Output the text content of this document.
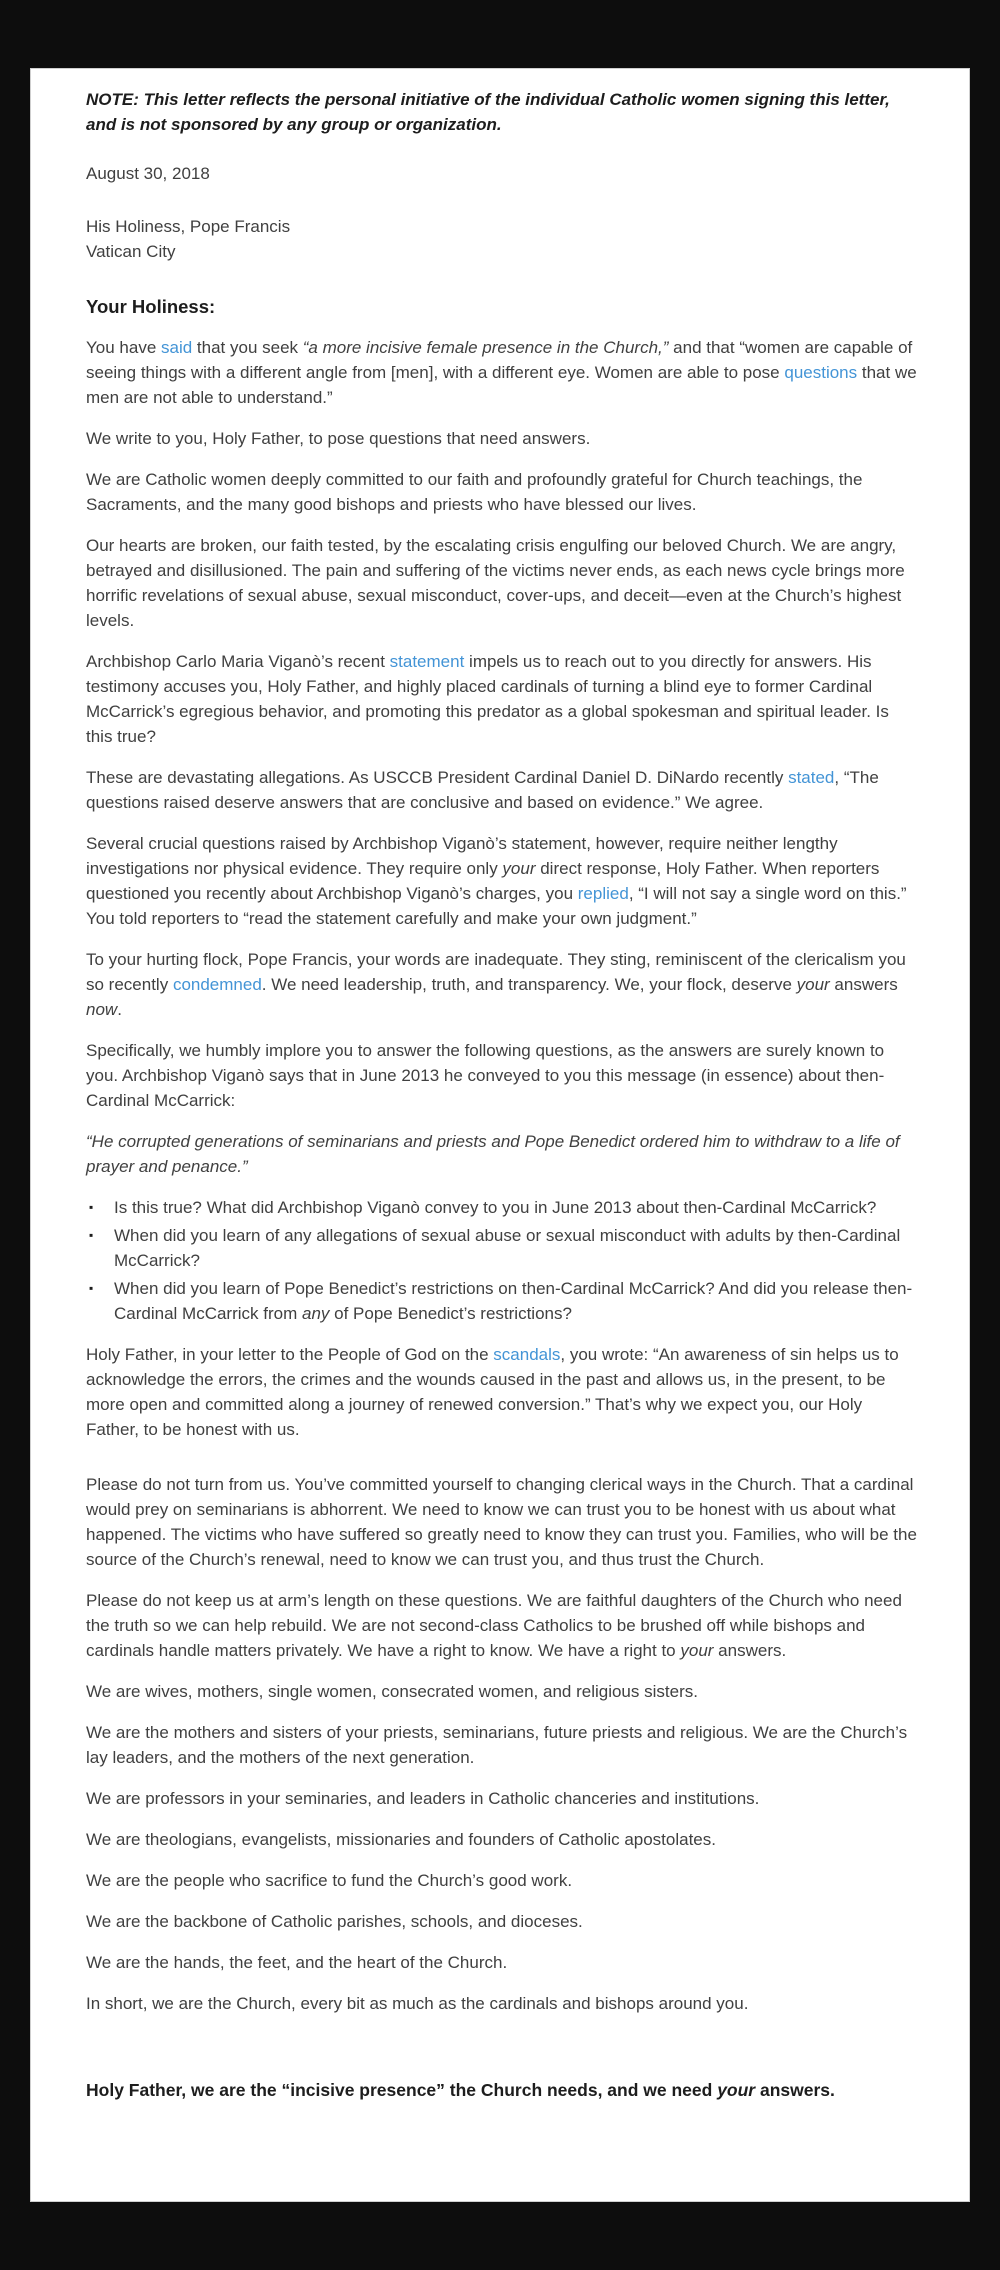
NOTE: This letter reflects the personal initiative of the individual Catholic women signing this letter, and is not sponsored by any group or organization.

August 30, 2018

His Holiness, Pope Francis
Vatican City

Your Holiness:

You have said that you seek “a more incisive female presence in the Church,” and that “women are capable of seeing things with a different angle from [men], with a different eye. Women are able to pose questions that we men are not able to understand.”

We write to you, Holy Father, to pose questions that need answers.

We are Catholic women deeply committed to our faith and profoundly grateful for Church teachings, the Sacraments, and the many good bishops and priests who have blessed our lives.

Our hearts are broken, our faith tested, by the escalating crisis engulfing our beloved Church. We are angry, betrayed and disillusioned. The pain and suffering of the victims never ends, as each news cycle brings more horrific revelations of sexual abuse, sexual misconduct, cover-ups, and deceit—even at the Church’s highest levels.

Archbishop Carlo Maria Viganò’s recent statement impels us to reach out to you directly for answers. His testimony accuses you, Holy Father, and highly placed cardinals of turning a blind eye to former Cardinal McCarrick’s egregious behavior, and promoting this predator as a global spokesman and spiritual leader. Is this true?

These are devastating allegations. As USCCB President Cardinal Daniel D. DiNardo recently stated, “The questions raised deserve answers that are conclusive and based on evidence.” We agree.

Several crucial questions raised by Archbishop Viganò’s statement, however, require neither lengthy investigations nor physical evidence. They require only your direct response, Holy Father. When reporters questioned you recently about Archbishop Viganò’s charges, you replied, “I will not say a single word on this.” You told reporters to “read the statement carefully and make your own judgment.”

To your hurting flock, Pope Francis, your words are inadequate. They sting, reminiscent of the clericalism you so recently condemned. We need leadership, truth, and transparency. We, your flock, deserve your answers now.

Specifically, we humbly implore you to answer the following questions, as the answers are surely known to you. Archbishop Viganò says that in June 2013 he conveyed to you this message (in essence) about then-Cardinal McCarrick:

“He corrupted generations of seminarians and priests and Pope Benedict ordered him to withdraw to a life of prayer and penance.”

▪ Is this true? What did Archbishop Viganò convey to you in June 2013 about then-Cardinal McCarrick?
▪ When did you learn of any allegations of sexual abuse or sexual misconduct with adults by then-Cardinal McCarrick?
▪ When did you learn of Pope Benedict’s restrictions on then-Cardinal McCarrick? And did you release then-Cardinal McCarrick from any of Pope Benedict’s restrictions?

Holy Father, in your letter to the People of God on the scandals, you wrote: “An awareness of sin helps us to acknowledge the errors, the crimes and the wounds caused in the past and allows us, in the present, to be more open and committed along a journey of renewed conversion.” That’s why we expect you, our Holy Father, to be honest with us.

Please do not turn from us. You’ve committed yourself to changing clerical ways in the Church. That a cardinal would prey on seminarians is abhorrent. We need to know we can trust you to be honest with us about what happened. The victims who have suffered so greatly need to know they can trust you. Families, who will be the source of the Church’s renewal, need to know we can trust you, and thus trust the Church.

Please do not keep us at arm’s length on these questions. We are faithful daughters of the Church who need the truth so we can help rebuild. We are not second-class Catholics to be brushed off while bishops and cardinals handle matters privately. We have a right to know. We have a right to your answers.

We are wives, mothers, single women, consecrated women, and religious sisters.

We are the mothers and sisters of your priests, seminarians, future priests and religious. We are the Church’s lay leaders, and the mothers of the next generation.

We are professors in your seminaries, and leaders in Catholic chanceries and institutions.

We are theologians, evangelists, missionaries and founders of Catholic apostolates.

We are the people who sacrifice to fund the Church’s good work.

We are the backbone of Catholic parishes, schools, and dioceses.

We are the hands, the feet, and the heart of the Church.

In short, we are the Church, every bit as much as the cardinals and bishops around you.

Holy Father, we are the “incisive presence” the Church needs, and we need your answers.
